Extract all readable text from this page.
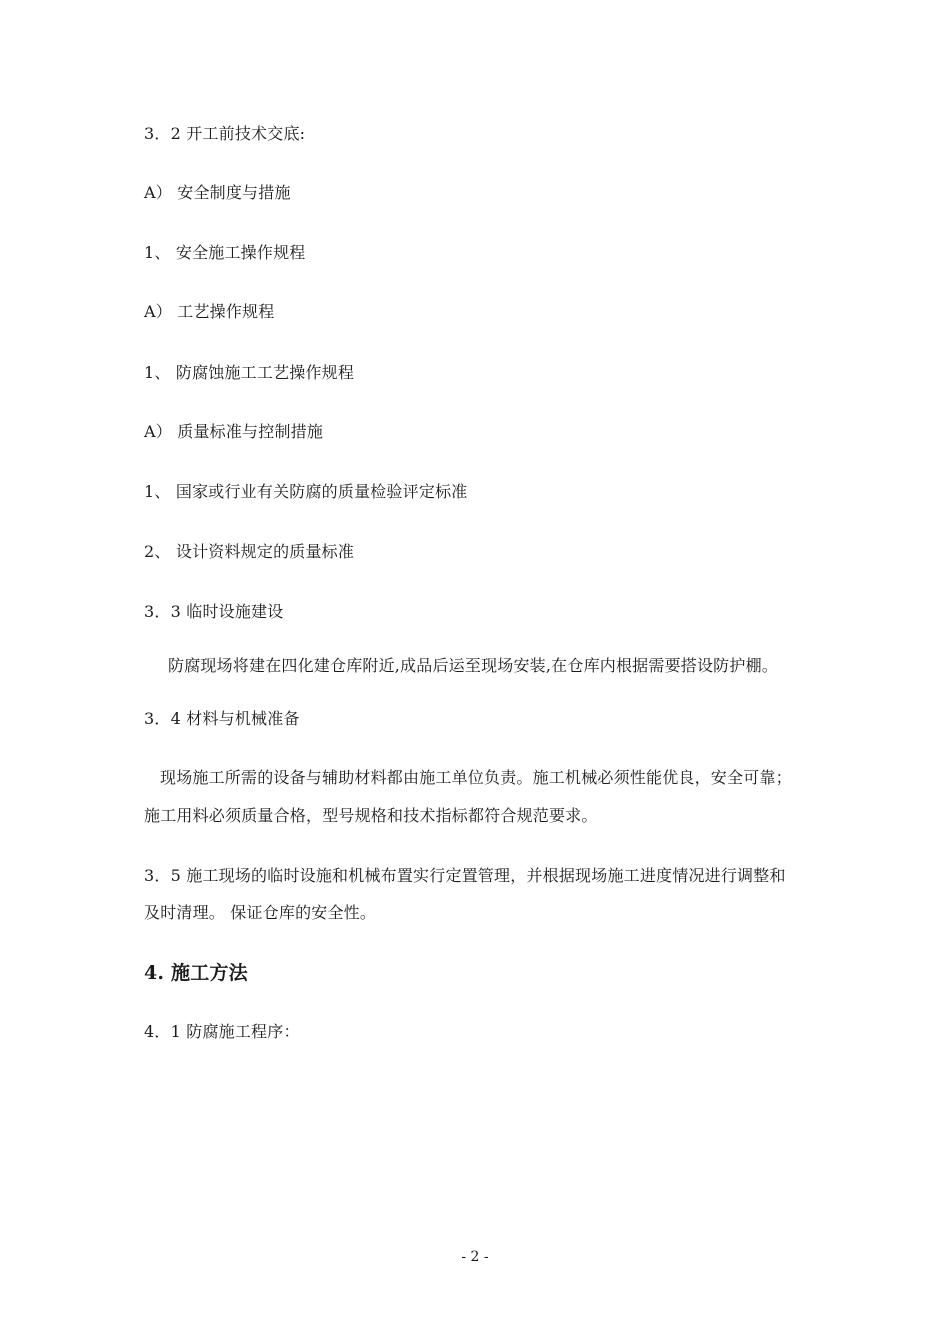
3．2 开工前技术交底:
A） 安全制度与措施
1、 安全施工操作规程
A） 工艺操作规程
1、 防腐蚀施工工艺操作规程
A） 质量标准与控制措施
1、 国家或行业有关防腐的质量检验评定标准
2、 设计资料规定的质量标准
3．3 临时设施建设
防腐现场将建在四化建仓库附近,成品后运至现场安装,在仓库内根据需要搭设防护棚。
3．4 材料与机械准备
现场施工所需的设备与辅助材料都由施工单位负责。施工机械必须性能优良，安全可靠；
施工用料必须质量合格，型号规格和技术指标都符合规范要求。
3．5 施工现场的临时设施和机械布置实行定置管理，并根据现场施工进度情况进行调整和
及时清理。 保证仓库的安全性。
4. 施工方法
4．1 防腐施工程序：
- 2 -
